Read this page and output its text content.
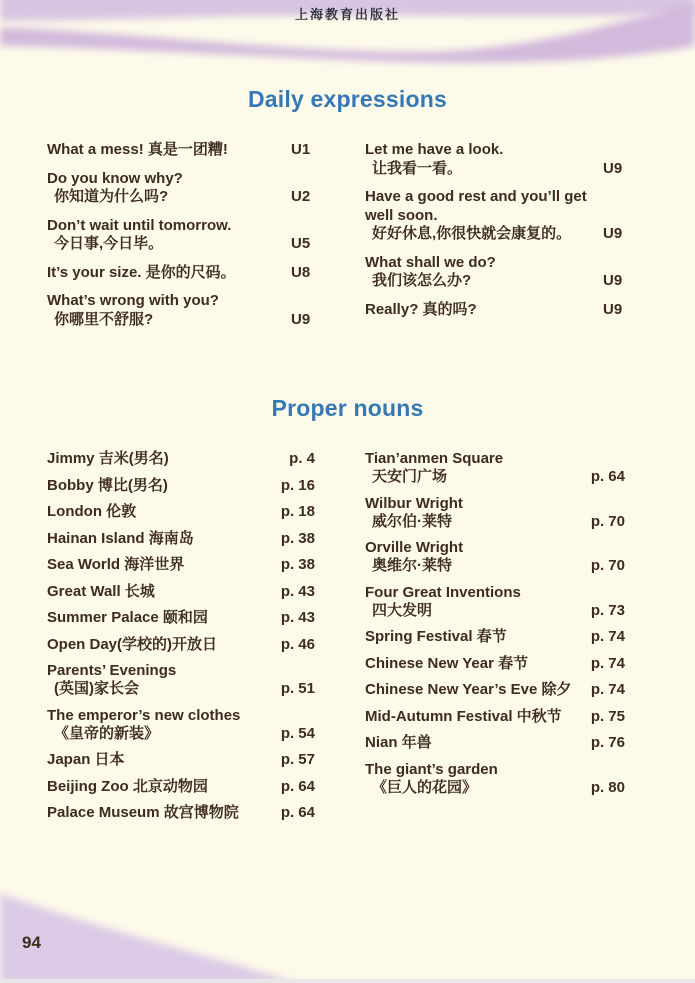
上海教育出版社
Daily expressions
What a mess! 真是一团糟!	U1
Do you know why?
你知道为什么吗?	U2
Don’t wait until tomorrow.
今日事,今日毕。	U5
It’s your size. 是你的尺码。	U8
What’s wrong with you?
你哪里不舒服?	U9
Let me have a look.
让我看一看。	U9
Have a good rest and you’ll get
well soon.
好好休息,你很快就会康复的。	U9
What shall we do?
我们该怎么办?	U9
Really? 真的吗?	U9
Proper nouns
Jimmy 吉米(男名)	p. 4
Bobby 博比(男名)	p. 16
London 伦敦	p. 18
Hainan Island 海南岛	p. 38
Sea World 海洋世界	p. 38
Great Wall 长城	p. 43
Summer Palace 颐和园	p. 43
Open Day(学校的)开放日	p. 46
Parents’ Evenings
(英国)家长会	p. 51
The emperor’s new clothes
《皇帝的新装》	p. 54
Japan 日本	p. 57
Beijing Zoo 北京动物园	p. 64
Palace Museum 故宫博物院	p. 64
Tian’anmen Square
天安门广场	p. 64
Wilbur Wright
威尔伯·莱特	p. 70
Orville Wright
奥维尔·莱特	p. 70
Four Great Inventions
四大发明	p. 73
Spring Festival 春节	p. 74
Chinese New Year 春节	p. 74
Chinese New Year’s Eve 除夕	p. 74
Mid-Autumn Festival 中秋节	p. 75
Nian 年兽	p. 76
The giant’s garden
《巨人的花园》	p. 80
94
